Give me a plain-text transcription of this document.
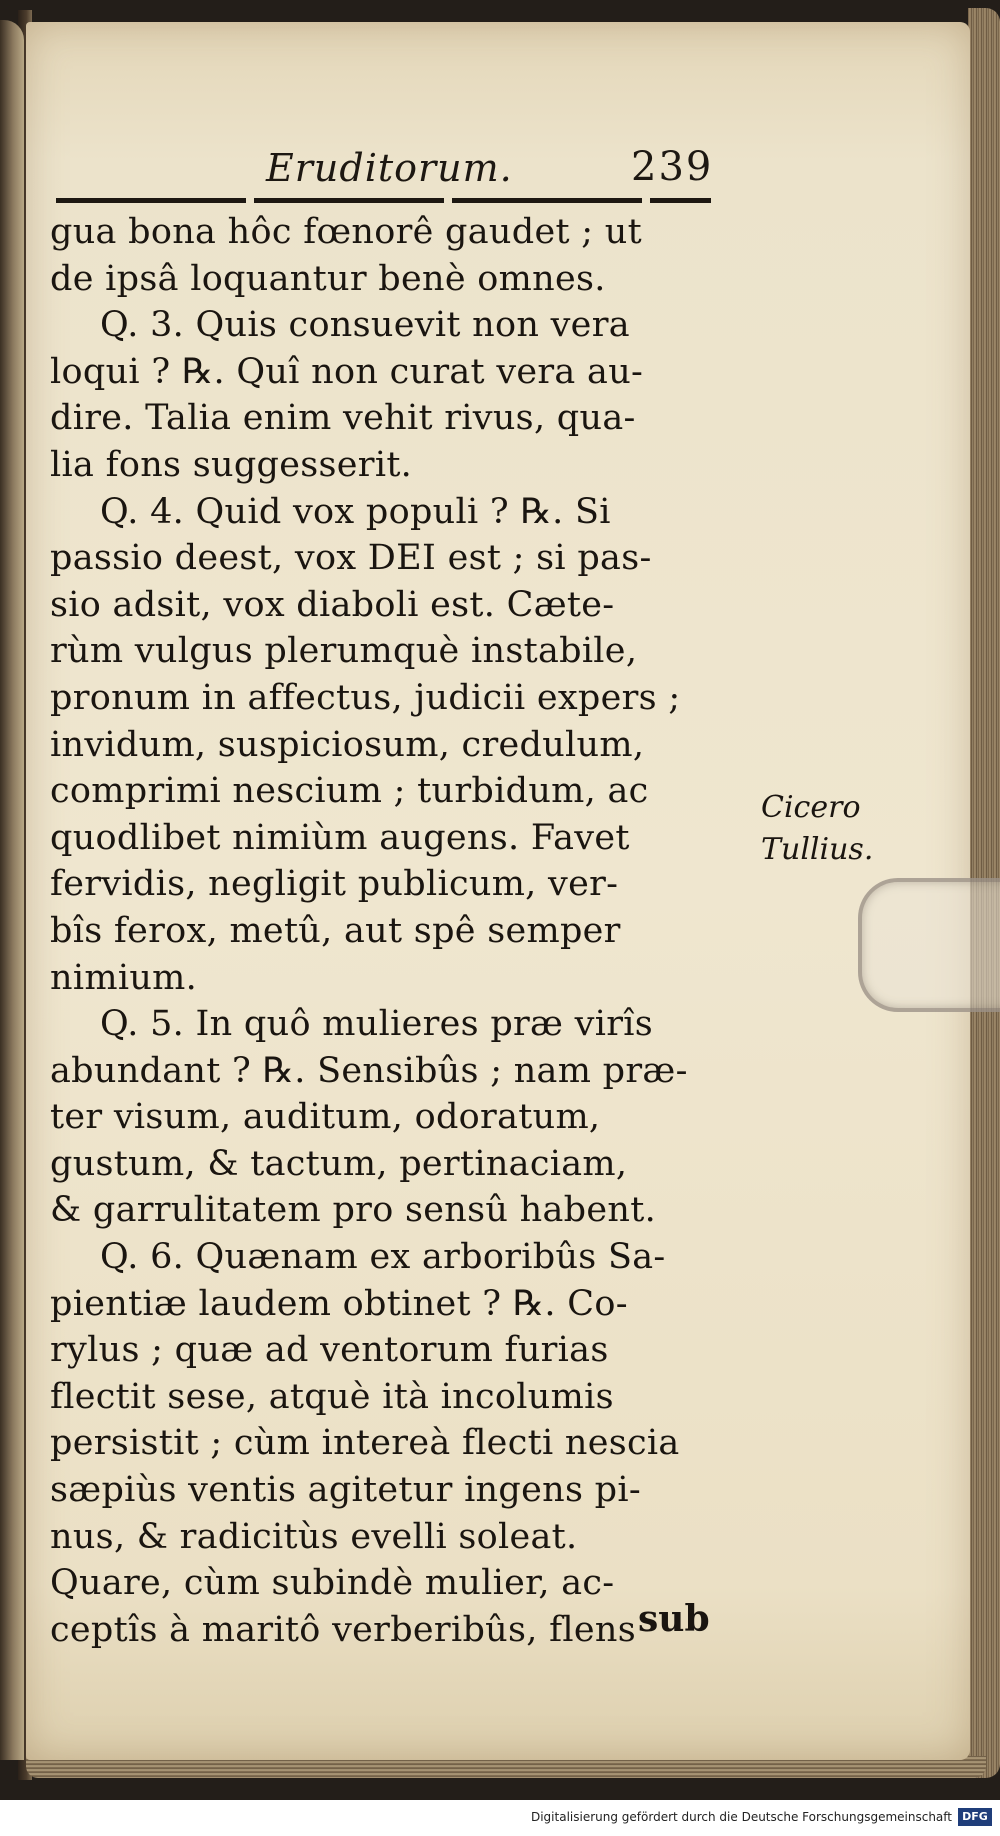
Eruditorum.	239
gua bona hôc fœnorê gaudet ; ut
de ipsâ loquantur benè omnes.
Q. 3. Quis consuevit non vera
loqui ? ℞. Quî non curat vera au-
dire. Talia enim vehit rivus, qua-
lia fons suggesserit.
Q. 4. Quid vox populi ? ℞. Si
passio deest, vox DEI est ; si pas-
sio adsit, vox diaboli est. Cæte-
rùm vulgus plerumquè instabile,
pronum in affectus, judicii expers ;
invidum, suspiciosum, credulum,
comprimi nescium ; turbidum, ac
quodlibet nimiùm augens. Favet
fervidis, negligit publicum, ver-
bîs ferox, metû, aut spê semper
nimium.
Q. 5. In quô mulieres præ virîs
abundant ? ℞. Sensibûs ; nam præ-
ter visum, auditum, odoratum,
gustum, & tactum, pertinaciam,
& garrulitatem pro sensû habent.
Q. 6. Quænam ex arboribûs Sa-
pientiæ laudem obtinet ? ℞. Co-
rylus ; quæ ad ventorum furias
flectit sese, atquè ità incolumis
persistit ; cùm intereà flecti nescia
sæpiùs ventis agitetur ingens pi-
nus, & radicitùs evelli soleat.
Quare, cùm subindè mulier, ac-
ceptîs à maritô verberibûs, flens
Cicero
Tullius.
sub
Digitalisierung gefördert durch die Deutsche Forschungsgemeinschaft DFG
